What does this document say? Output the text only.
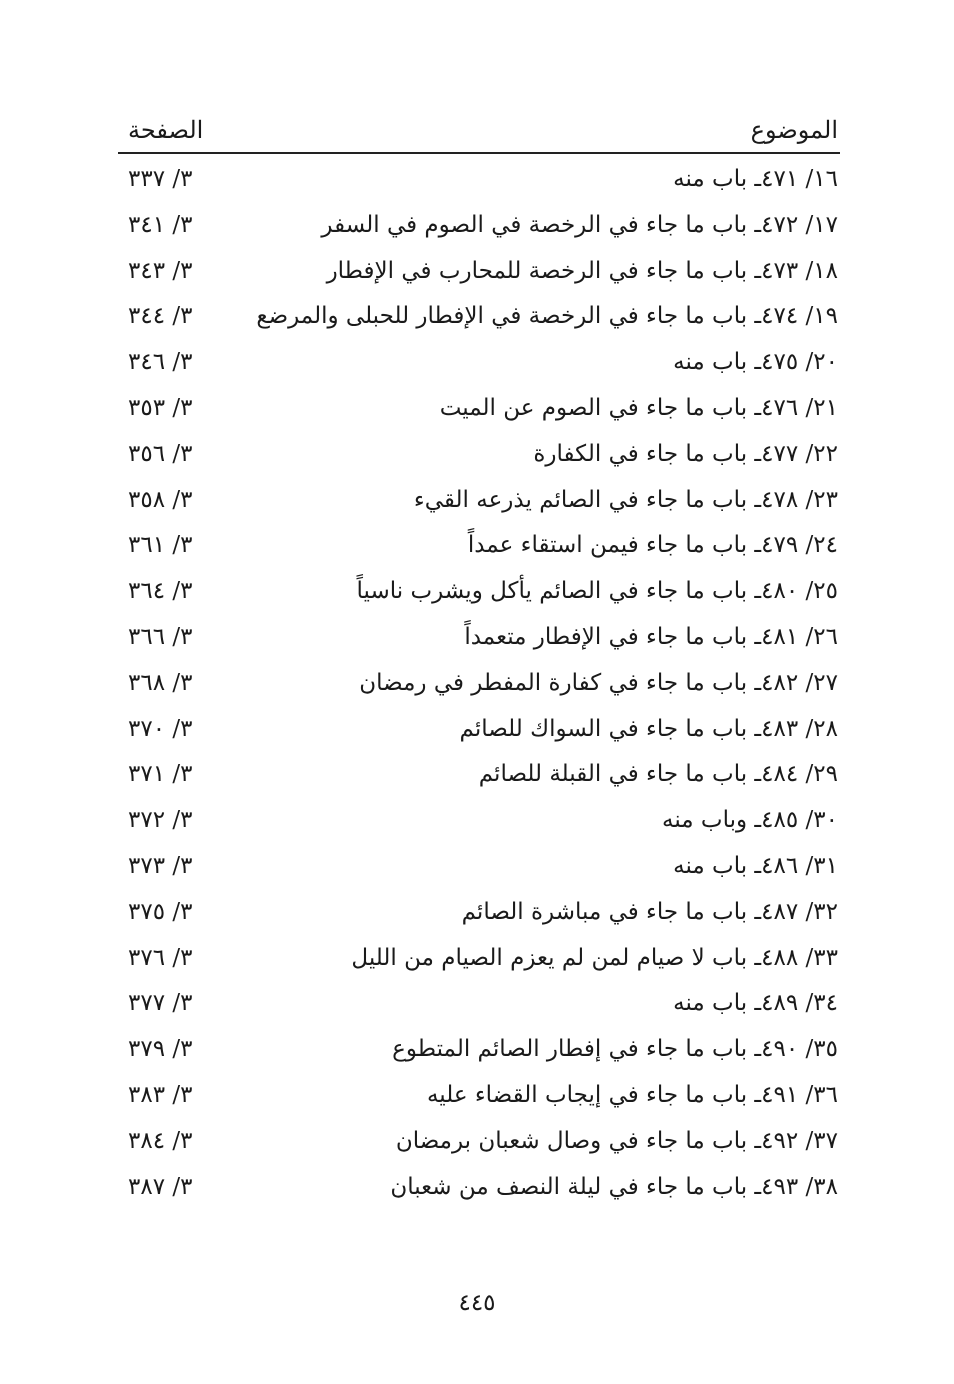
الموضوع
الصفحة
١٦/ ٤٧١ـ باب منه
٣/ ٣٣٧
١٧/ ٤٧٢ـ باب ما جاء في الرخصة في الصوم في السفر
٣/ ٣٤١
١٨/ ٤٧٣ـ باب ما جاء في الرخصة للمحارب في الإفطار
٣/ ٣٤٣
١٩/ ٤٧٤ـ باب ما جاء في الرخصة في الإفطار للحبلى والمرضع
٣/ ٣٤٤
٢٠/ ٤٧٥ـ باب منه
٣/ ٣٤٦
٢١/ ٤٧٦ـ باب ما جاء في الصوم عن الميت
٣/ ٣٥٣
٢٢/ ٤٧٧ـ باب ما جاء في الكفارة
٣/ ٣٥٦
٢٣/ ٤٧٨ـ باب ما جاء في الصائم يذرعه القيء
٣/ ٣٥٨
٢٤/ ٤٧٩ـ باب ما جاء فيمن استقاء عمداً
٣/ ٣٦١
٢٥/ ٤٨٠ـ باب ما جاء في الصائم يأكل ويشرب ناسياً
٣/ ٣٦٤
٢٦/ ٤٨١ـ باب ما جاء في الإفطار متعمداً
٣/ ٣٦٦
٢٧/ ٤٨٢ـ باب ما جاء في كفارة المفطر في رمضان
٣/ ٣٦٨
٢٨/ ٤٨٣ـ باب ما جاء في السواك للصائم
٣/ ٣٧٠
٢٩/ ٤٨٤ـ باب ما جاء في القبلة للصائم
٣/ ٣٧١
٣٠/ ٤٨٥ـ وباب منه
٣/ ٣٧٢
٣١/ ٤٨٦ـ باب منه
٣/ ٣٧٣
٣٢/ ٤٨٧ـ باب ما جاء في مباشرة الصائم
٣/ ٣٧٥
٣٣/ ٤٨٨ـ باب لا صيام لمن لم يعزم الصيام من الليل
٣/ ٣٧٦
٣٤/ ٤٨٩ـ باب منه
٣/ ٣٧٧
٣٥/ ٤٩٠ـ باب ما جاء في إفطار الصائم المتطوع
٣/ ٣٧٩
٣٦/ ٤٩١ـ باب ما جاء في إيجاب القضاء عليه
٣/ ٣٨٣
٣٧/ ٤٩٢ـ باب ما جاء في وصال شعبان برمضان
٣/ ٣٨٤
٣٨/ ٤٩٣ـ باب ما جاء في ليلة النصف من شعبان
٣/ ٣٨٧
٤٤٥
